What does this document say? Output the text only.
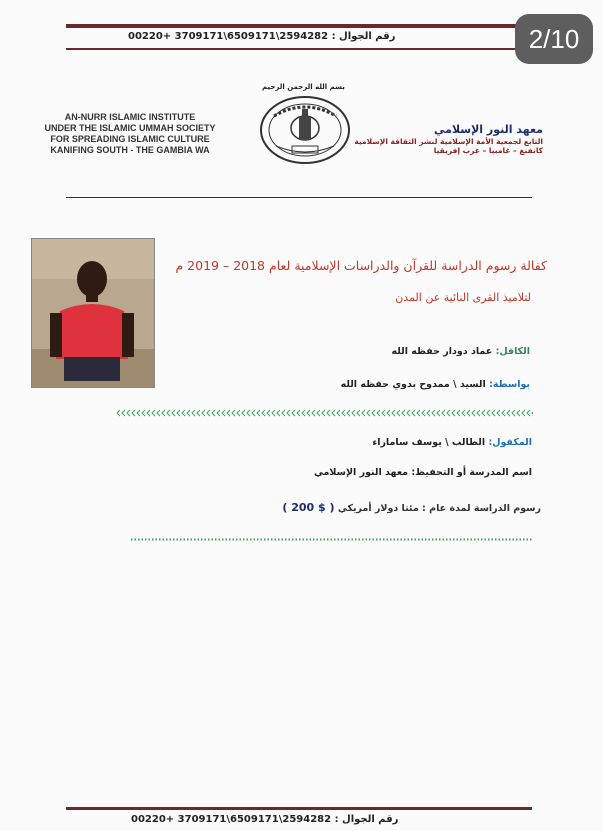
رقم الجوال : 00220+ 3709171\6509171\2594282	2/10
بسم الله الرحمن الرحيم
AN-NURR ISLAMIC INSTITUTE
UNDER THE ISLAMIC UMMAH SOCIETY
FOR SPREADING ISLAMIC CULTURE
KANIFING SOUTH - THE GAMBIA WA
معهد النور الإسلامي
التابع لجمعية الأمة الإسلامية لنشر الثقافة الإسلامية
كانفنغ – غامبيا – غرب إفريقيا
كفالة رسوم الدراسة للقرآن والدراسات الإسلامية لعام 2018 – 2019 م
لتلاميذ القرى النائية عن المدن
الكافل: عماد دودار حفظه الله
بواسطة: السيد \ ممدوح بدوي حفظه الله
المكفول: الطالب \ يوسف ساماراء
اسم المدرسة أو التحفيظ: معهد النور الإسلامي
رسوم الدراسة لمدة عام : مئتا دولار أمريكي ( 200 $ )
رقم الجوال : 00220+ 3709171\6509171\2594282
